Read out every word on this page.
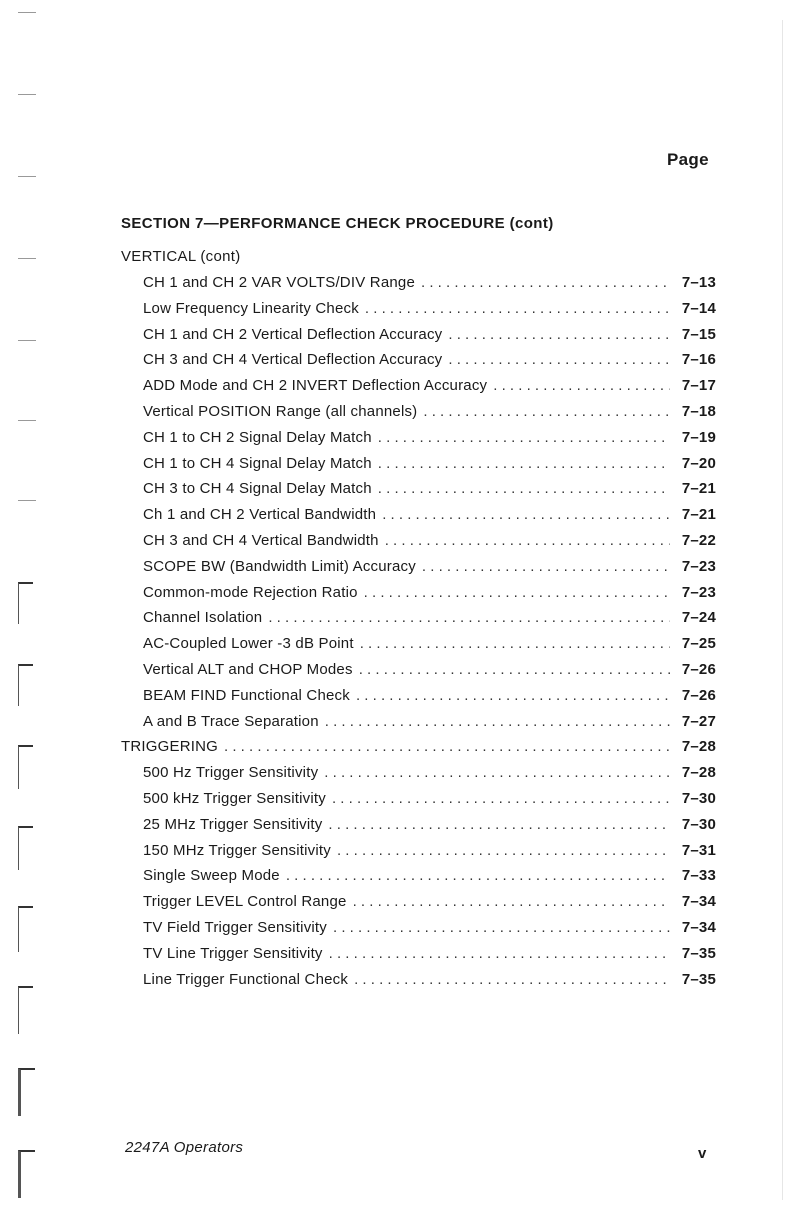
Page
SECTION 7—PERFORMANCE CHECK PROCEDURE (cont)
VERTICAL (cont)
CH 1 and CH 2 VAR VOLTS/DIV Range . . .	7–13
Low Frequency Linearity Check . . .	7–14
CH 1 and CH 2 Vertical Deflection Accuracy . . .	7–15
CH 3 and CH 4 Vertical Deflection Accuracy . . .	7–16
ADD Mode and CH 2 INVERT Deflection Accuracy . . .	7–17
Vertical POSITION Range (all channels) . . .	7–18
CH 1 to CH 2 Signal Delay Match . . .	7–19
CH 1 to CH 4 Signal Delay Match . . .	7–20
CH 3 to CH 4 Signal Delay Match . . .	7–21
Ch 1 and CH 2 Vertical Bandwidth . . .	7–21
CH 3 and CH 4 Vertical Bandwidth . . .	7–22
SCOPE BW (Bandwidth Limit) Accuracy . . .	7–23
Common-mode Rejection Ratio . . .	7–23
Channel Isolation . . .	7–24
AC-Coupled Lower -3 dB Point . . .	7–25
Vertical ALT and CHOP Modes . . .	7–26
BEAM FIND Functional Check . . .	7–26
A and B Trace Separation . . .	7–27
TRIGGERING . . .	7–28
500 Hz Trigger Sensitivity . . .	7–28
500 kHz Trigger Sensitivity . . .	7–30
25 MHz Trigger Sensitivity . . .	7–30
150 MHz Trigger Sensitivity . . .	7–31
Single Sweep Mode . . .	7–33
Trigger LEVEL Control Range . . .	7–34
TV Field Trigger Sensitivity . . .	7–34
TV Line Trigger Sensitivity . . .	7–35
Line Trigger Functional Check . . .	7–35
2247A Operators	v
